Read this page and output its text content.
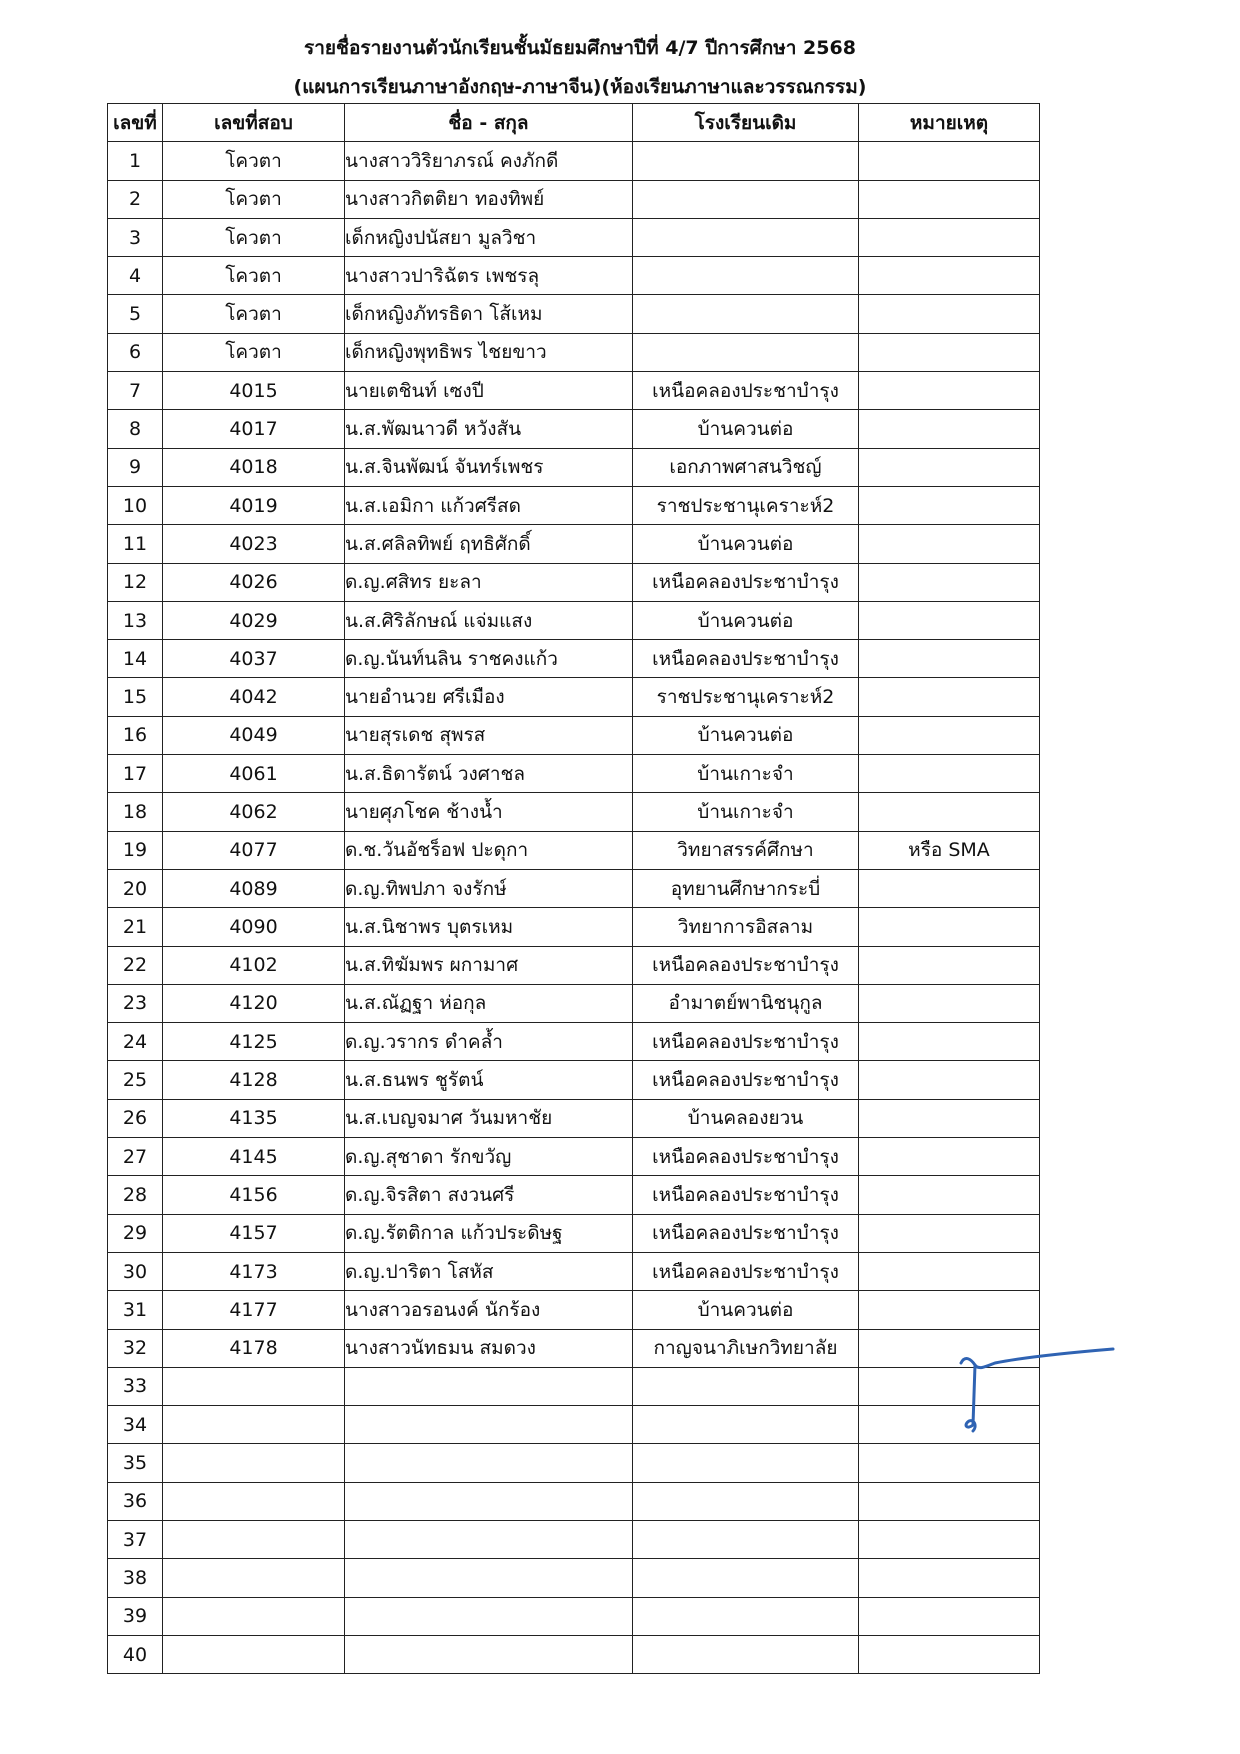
รายชื่อรายงานตัวนักเรียนชั้นมัธยมศึกษาปีที่ 4/7 ปีการศึกษา 2568
(แผนการเรียนภาษาอังกฤษ-ภาษาจีน)(ห้องเรียนภาษาและวรรณกรรม)
เลขที่	เลขที่สอบ	ชื่อ - สกุล	โรงเรียนเดิม	หมายเหตุ
1	โควตา	นางสาววิริยาภรณ์ คงภักดี		
2	โควตา	นางสาวกิตติยา ทองทิพย์		
3	โควตา	เด็กหญิงปนัสยา มูลวิชา		
4	โควตา	นางสาวปาริฉัตร เพชรลุ		
5	โควตา	เด็กหญิงภัทรธิดา โส้เหม		
6	โควตา	เด็กหญิงพุทธิพร ไชยขาว		
7	4015	นายเตชินท์ เซงปี	เหนือคลองประชาบำรุง	
8	4017	น.ส.พัฒนาวดี หวังสัน	บ้านควนต่อ	
9	4018	น.ส.จินพัฒน์ จันทร์เพชร	เอกภาพศาสนวิชญ์	
10	4019	น.ส.เอมิกา แก้วศรีสด	ราชประชานุเคราะห์2	
11	4023	น.ส.ศลิลทิพย์ ฤทธิศักดิ์	บ้านควนต่อ	
12	4026	ด.ญ.ศสิทร ยะลา	เหนือคลองประชาบำรุง	
13	4029	น.ส.ศิริลักษณ์ แจ่มแสง	บ้านควนต่อ	
14	4037	ด.ญ.นันท์นลิน ราชคงแก้ว	เหนือคลองประชาบำรุง	
15	4042	นายอำนวย ศรีเมือง	ราชประชานุเคราะห์2	
16	4049	นายสุรเดช สุพรส	บ้านควนต่อ	
17	4061	น.ส.ธิดารัตน์ วงศาชล	บ้านเกาะจำ	
18	4062	นายศุภโชค ช้างน้ำ	บ้านเกาะจำ	
19	4077	ด.ช.วันอัชร็อฟ ปะดุกา	วิทยาสรรค์ศึกษา	หรือ SMA
20	4089	ด.ญ.ทิพปภา จงรักษ์	อุทยานศึกษากระบี่	
21	4090	น.ส.นิชาพร บุตรเหม	วิทยาการอิสลาม	
22	4102	น.ส.ทิฆัมพร ผกามาศ	เหนือคลองประชาบำรุง	
23	4120	น.ส.ณัฏฐา ห่อกุล	อำมาตย์พานิชนุกูล	
24	4125	ด.ญ.วรากร ดำคล้ำ	เหนือคลองประชาบำรุง	
25	4128	น.ส.ธนพร ชูรัตน์	เหนือคลองประชาบำรุง	
26	4135	น.ส.เบญจมาศ วันมหาชัย	บ้านคลองยวน	
27	4145	ด.ญ.สุชาดา รักขวัญ	เหนือคลองประชาบำรุง	
28	4156	ด.ญ.จิรสิตา สงวนศรี	เหนือคลองประชาบำรุง	
29	4157	ด.ญ.รัตติกาล แก้วประดิษฐ	เหนือคลองประชาบำรุง	
30	4173	ด.ญ.ปาริตา โสหัส	เหนือคลองประชาบำรุง	
31	4177	นางสาวอรอนงค์ นักร้อง	บ้านควนต่อ	
32	4178	นางสาวนัทธมน สมดวง	กาญจนาภิเษกวิทยาลัย	
33				
34				
35				
36				
37				
38				
39				
40				
